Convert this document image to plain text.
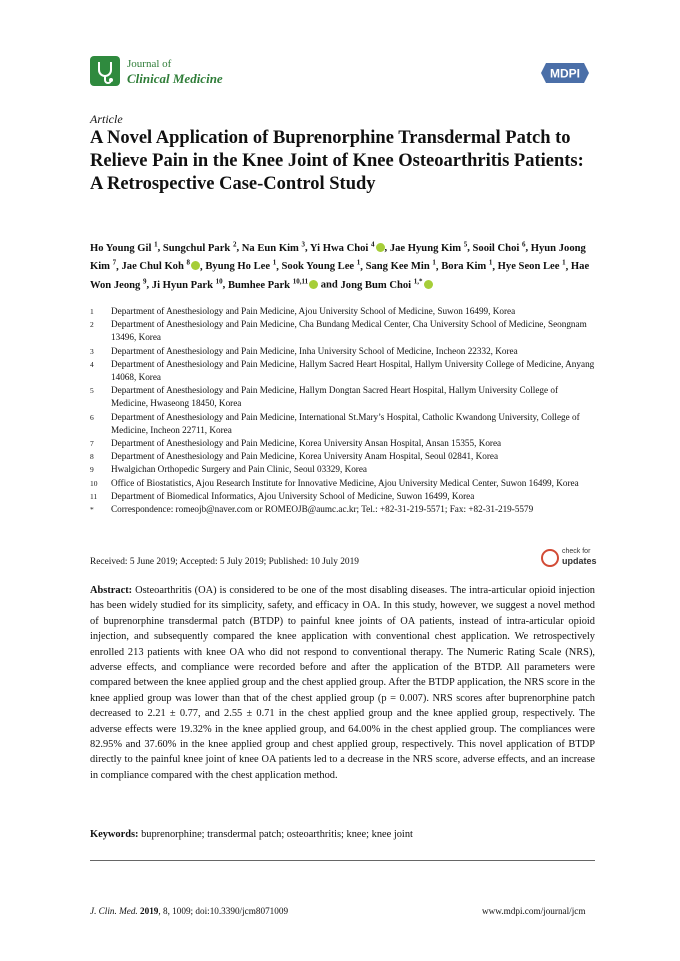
Journal of
Clinical Medicine	MDPI
Article
A Novel Application of Buprenorphine Transdermal Patch to Relieve Pain in the Knee Joint of Knee Osteoarthritis Patients: A Retrospective Case-Control Study
Ho Young Gil $^1$, Sungchul Park $^2$, Na Eun Kim $^3$, Yi Hwa Choi $^4$ , Jae Hyung Kim $^5$, Sooil Choi $^6$, Hyun Joong Kim $^7$, Jae Chul Koh $^8$ , Byung Ho Lee $^1$, Sook Young Lee $^1$, Sang Kee Min $^1$, Bora Kim $^1$, Hye Seon Lee $^1$, Hae Won Jeong $^9$, Ji Hyun Park $^{10}$, Bumhee Park $^{10,11}$ and Jong Bum Choi $^{1,*}$
1	Department of Anesthesiology and Pain Medicine, Ajou University School of Medicine, Suwon 16499, Korea
2	Department of Anesthesiology and Pain Medicine, Cha Bundang Medical Center, Cha University School of Medicine, Seongnam 13496, Korea
3	Department of Anesthesiology and Pain Medicine, Inha University School of Medicine, Incheon 22332, Korea
4	Department of Anesthesiology and Pain Medicine, Hallym Sacred Heart Hospital, Hallym University College of Medicine, Anyang 14068, Korea
5	Department of Anesthesiology and Pain Medicine, Hallym Dongtan Sacred Heart Hospital, Hallym University College of Medicine, Hwaseong 18450, Korea
6	Department of Anesthesiology and Pain Medicine, International St.Mary’s Hospital, Catholic Kwandong University, College of Medicine, Incheon 22711, Korea
7	Department of Anesthesiology and Pain Medicine, Korea University Ansan Hospital, Ansan 15355, Korea
8	Department of Anesthesiology and Pain Medicine, Korea University Anam Hospital, Seoul 02841, Korea
9	Hwalgichan Orthopedic Surgery and Pain Clinic, Seoul 03329, Korea
10	Office of Biostatistics, Ajou Research Institute for Innovative Medicine, Ajou University Medical Center, Suwon 16499, Korea
11	Department of Biomedical Informatics, Ajou University School of Medicine, Suwon 16499, Korea
*	Correspondence: romeojb@naver.com or ROMEOJB@aumc.ac.kr; Tel.: +82-31-219-5571; Fax: +82-31-219-5579
Received: 5 June 2019; Accepted: 5 July 2019; Published: 10 July 2019
check for
updates
Abstract: Osteoarthritis (OA) is considered to be one of the most disabling diseases. The intra-articular opioid injection has been widely studied for its simplicity, safety, and efficacy in OA. In this study, however, we suggest a novel method of buprenorphine transdermal patch (BTDP) to painful knee joints of OA patients, instead of intra-articular opioid injection, and subsequently compared the knee application with conventional chest application. We retrospectively enrolled 213 patients with knee OA who did not respond to conventional therapy. The Numeric Rating Scale (NRS), adverse effects, and compliance were recorded before and after the application of the BTDP. All parameters were compared between the knee applied group and the chest applied group. After the BTDP application, the NRS score in the knee applied group was lower than that of the chest applied group (p = 0.007). NRS scores after buprenorphine patch decreased to 2.21 ± 0.77, and 2.55 ± 0.71 in the chest applied group and the knee applied group, respectively. The adverse effects were 19.32% in the knee applied group, and 64.00% in the chest applied group. The compliances were 82.95% and 37.60% in the knee applied group and chest applied group, respectively. This novel application of BTDP directly to the painful knee joint of knee OA patients led to a decrease in the NRS score, adverse effects, and an increase in compliance compared with the chest application method.
Keywords: buprenorphine; transdermal patch; osteoarthritis; knee; knee joint
J. Clin. Med. 2019, 8, 1009; doi:10.3390/jcm8071009	www.mdpi.com/journal/jcm
